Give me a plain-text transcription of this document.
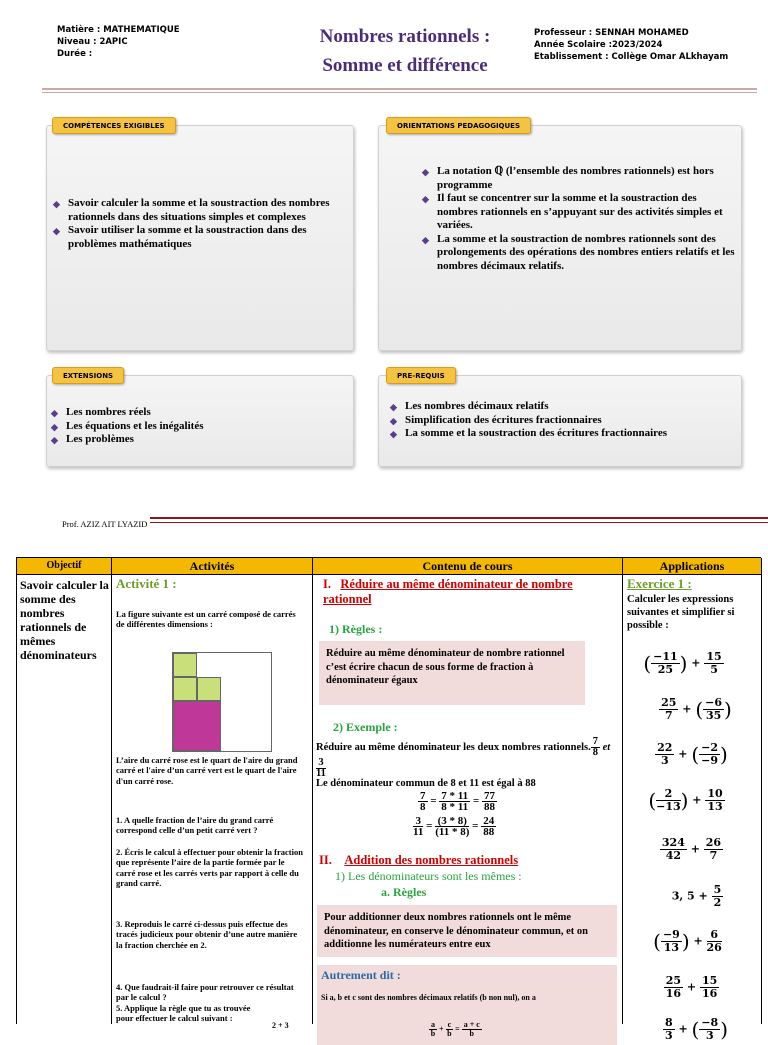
Matière : MATHEMATIQUE
Niveau : 2APIC
Durée :
Nombres rationnels :
Somme et différence
Professeur : SENNAH MOHAMED
Année Scolaire :2023/2024
Etablissement : Collège Omar ALkhayam
COMPÉTENCES EXIGIBLES
◆ Savoir calculer la somme et la soustraction des nombres rationnels dans des situations simples et complexes
◆ Savoir utiliser la somme et la soustraction dans des problèmes mathématiques
ORIENTATIONS PEDAGOGIQUES
◆ La notation ℚ (l’ensemble des nombres rationnels) est hors programme
◆ Il faut se concentrer sur la somme et la soustraction des nombres rationnels en s’appuyant sur des activités simples et variées.
◆ La somme et la soustraction de nombres rationnels sont des prolongements des opérations des nombres entiers relatifs et les nombres décimaux relatifs.
EXTENSIONS
◆ Les nombres réels
◆ Les équations et les inégalités
◆ Les problèmes
PRE-REQUIS
◆ Les nombres décimaux relatifs
◆ Simplification des écritures fractionnaires
◆ La somme et la soustraction des écritures fractionnaires
Prof. AZIZ AIT LYAZID
Objectif	Activités	Contenu de cours	Applications
Savoir calculer la somme des nombres rationnels de mêmes dénominateurs
Activité 1 :
La figure suivante est un carré composé de carrés de différentes dimensions :
L’aire du carré rose est le quart de l'aire du grand carré et l'aire d’un carré vert est le quart de l'aire d'un carré rose.
1. A quelle fraction de l’aire du grand carré correspond celle d’un petit carré vert ?
2. Écris le calcul à effectuer pour obtenir la fraction que représente l’aire de la partie formée par le carré rose et les carrés verts par rapport à celle du grand carré.
3. Reproduis le carré ci-dessus puis effectue des tracés judicieux pour obtenir d’une autre manière la fraction cherchée en 2.
4. Que faudrait-il faire pour retrouver ce résultat par le calcul ?
5. Applique la règle que tu as trouvée pour effectuer le calcul suivant :
2 + 3
I. Réduire au même dénominateur de nombre rationnel
1) Règles :
Réduire au même dénominateur de nombre rationnel c’est écrire chacun de sous forme de fraction à dénominateur égaux
2) Exemple :
Réduire au même dénominateur les deux nombres rationnels. $\frac{7}{8}$ et
$\frac{3}{11}$
Le dénominateur commun de 8 et 11 est égal à 88
$\frac{7}{8} = \frac{7 * 11}{8 * 11} = \frac{77}{88}$
$\frac{3}{11} = \frac{(3 * 8)}{(11 * 8)} = \frac{24}{88}$
II. Addition des nombres rationnels
1) Les dénominateurs sont les mêmes :
a. Règles
Pour additionner deux nombres rationnels ont le même dénominateur, en conserve le dénominateur commun, et on additionne les numérateurs entre eux
Autrement dit :
Si a, b et c sont des nombres décimaux relatifs (b non nul), on a
$\frac{a}{b} + \frac{c}{b} = \frac{a + c}{b}$
Exercice 1 :
Calculer les expressions suivantes et simplifier si possible :
( $\frac{-11}{25}$ ) + $\frac{15}{5}$
$\frac{25}{7}$ + ( $\frac{-6}{35}$ )
$\frac{22}{3}$ + ( $\frac{-2}{-9}$ )
( $\frac{2}{-13}$ ) + $\frac{10}{13}$
$\frac{324}{42} + \frac{26}{7}$
3, $5 + \frac{5}{2}$
( $\frac{-9}{13}$ ) + $\frac{6}{26}$
$\frac{25}{16} + \frac{15}{16}$
$\frac{8}{3}$ + ( $\frac{-8}{3}$ )
